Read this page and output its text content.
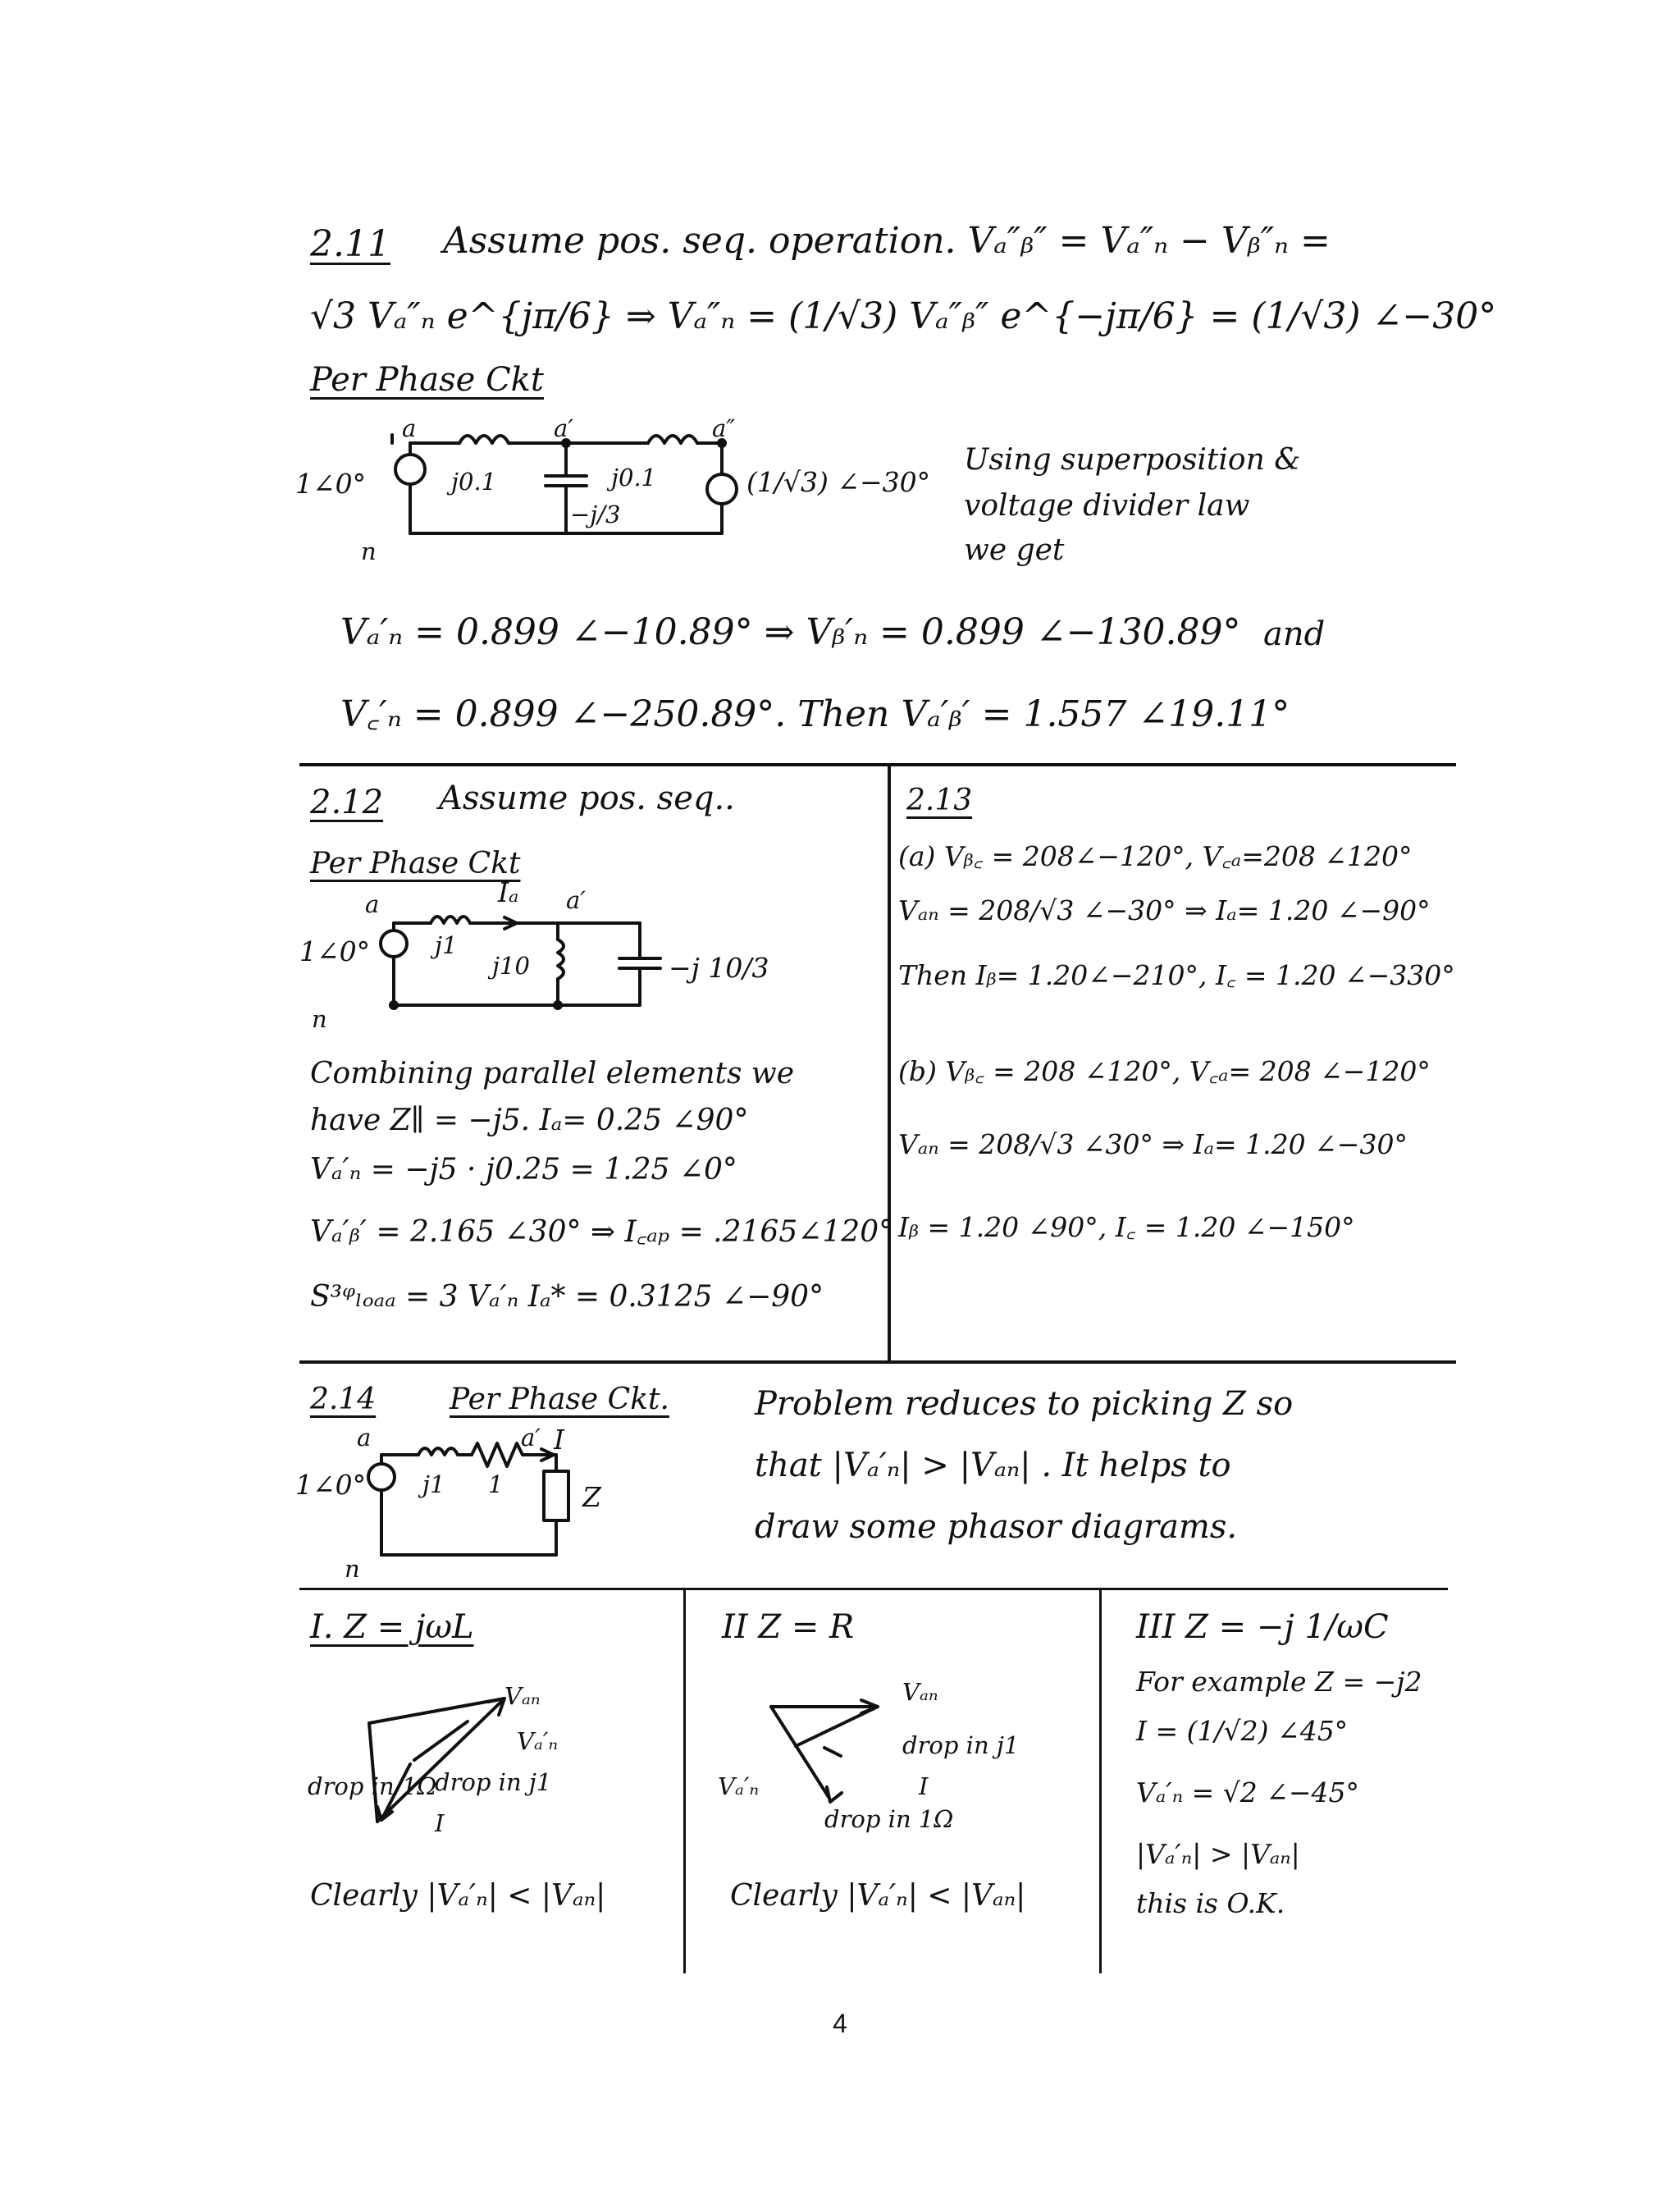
2.11 Assume pos. seq. operation. Vₐ″ᵦ″ = Vₐ″ₙ − Vᵦ″ₙ =
√3 Vₐ″ₙ e^{jπ/6} ⇒ Vₐ″ₙ = (1/√3) Vₐ″ᵦ″ e^{−jπ/6} = (1/√3) ∠−30°
Per Phase Ckt
a	a′	a″
n
1∠0°	j0.1	j0.1
−j/3
(1/√3) ∠−30°
Using superposition &
voltage divider law
we get
Vₐ′ₙ = 0.899 ∠−10.89° ⇒ Vᵦ′ₙ = 0.899 ∠−130.89° and
V꜀′ₙ = 0.899 ∠−250.89°. Then Vₐ′ᵦ′ = 1.557 ∠19.11°
2.12 Assume pos. seq..
Per Phase Ckt
a	Iₐ a′
1∠0°	j1
j10	−j 10/3
n
Combining parallel elements we
have Z∥ = −j5. Iₐ= 0.25 ∠90°
Vₐ′ₙ = −j5 · j0.25 = 1.25 ∠0°
Vₐ′ᵦ′ = 2.165 ∠30° ⇒ I꜀ₐₚ = .2165∠120°
S³ᵠₗₒₐₐ = 3 Vₐ′ₙ Iₐ* = 0.3125 ∠−90°
2.13
(a) Vᵦ꜀ = 208∠−120°, V꜀ₐ=208 ∠120°
Vₐₙ = 208/√3 ∠−30° ⇒ Iₐ= 1.20 ∠−90°
Then Iᵦ= 1.20∠−210°, I꜀ = 1.20 ∠−330°
(b) Vᵦ꜀ = 208 ∠120°, V꜀ₐ= 208 ∠−120°
Vₐₙ = 208/√3 ∠30° ⇒ Iₐ= 1.20 ∠−30°
Iᵦ = 1.20 ∠90°, I꜀ = 1.20 ∠−150°
2.14 Per Phase Ckt.
a	a′ I
1∠0° j1 1	Z
n
Problem reduces to picking Z so
that |Vₐ′ₙ| > |Vₐₙ| . It helps to
draw some phasor diagrams.
I. Z = jωL
Vₐₙ
Vₐ′ₙ
drop in j1
drop in 1Ω
I
Clearly |Vₐ′ₙ| < |Vₐₙ|
II Z = R
Vₐₙ
drop in j1
Vₐ′ₙ	I
drop in 1Ω
Clearly |Vₐ′ₙ| < |Vₐₙ|
III Z = −j 1/ωC
For example Z = −j2
I = (1/√2) ∠45°
Vₐ′ₙ = √2 ∠−45°
|Vₐ′ₙ| > |Vₐₙ|
this is O.K.
4
